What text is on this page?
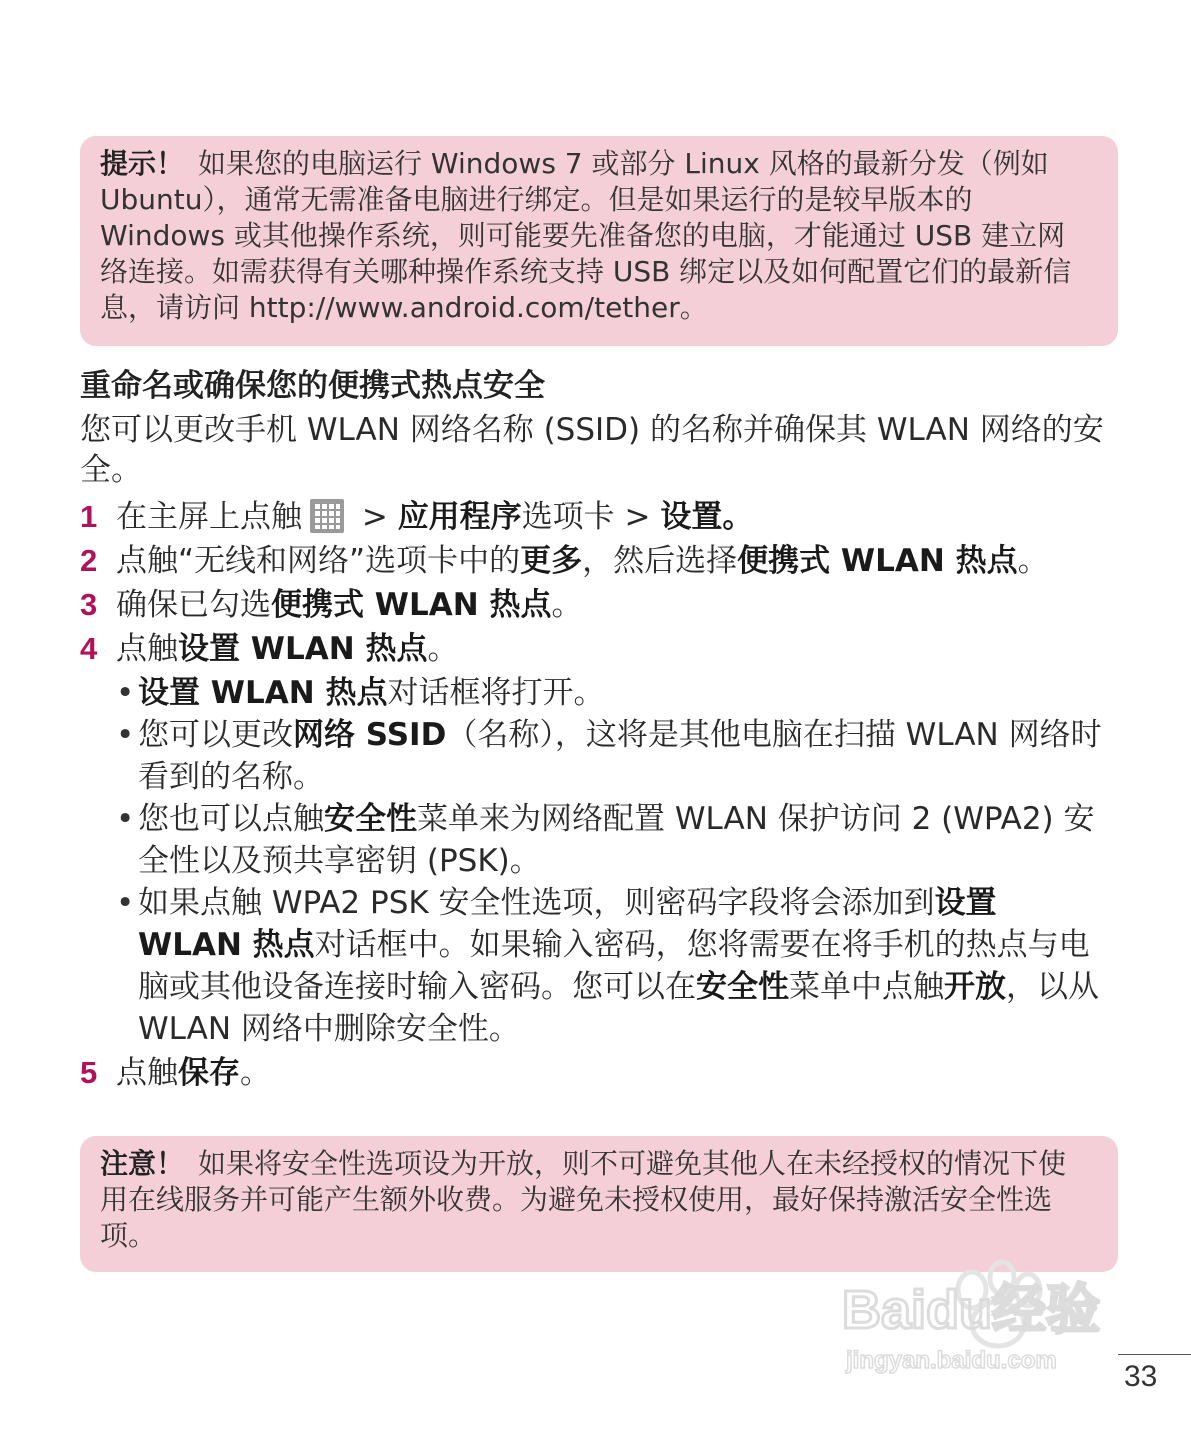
提示！ 如果您的电脑运行 Windows 7 或部分 Linux 风格的最新分发（例如 Ubuntu），通常无需准备电脑进行绑定。但是如果运行的是较早版本的 Windows 或其他操作系统，则可能要先准备您的电脑，才能通过 USB 建立网络连接。如需获得有关哪种操作系统支持 USB 绑定以及如何配置它们的最新信息，请访问 http://www.android.com/tether。
重命名或确保您的便携式热点安全
您可以更改手机 WLAN 网络名称 (SSID) 的名称并确保其 WLAN 网络的安全。
1 在主屏上点触
> 应用程序选项卡 > 设置。
2 点触“无线和网络”选项卡中的更多，然后选择便携式 WLAN 热点。
3 确保已勾选便携式 WLAN 热点。
4 点触设置 WLAN 热点。
• 设置 WLAN 热点对话框将打开。
• 您可以更改网络 SSID（名称），这将是其他电脑在扫描 WLAN 网络时看到的名称。
• 您也可以点触安全性菜单来为网络配置 WLAN 保护访问 2 (WPA2) 安全性以及预共享密钥 (PSK)。
• 如果点触 WPA2 PSK 安全性选项，则密码字段将会添加到设置 WLAN 热点对话框中。如果输入密码，您将需要在将手机的热点与电脑或其他设备连接时输入密码。您可以在安全性菜单中点触开放，以从 WLAN 网络中删除安全性。
5 点触保存。
注意！ 如果将安全性选项设为开放，则不可避免其他人在未经授权的情况下使用在线服务并可能产生额外收费。为避免未授权使用，最好保持激活安全性选项。
Baidu经验
jingyan.baidu.com 33
